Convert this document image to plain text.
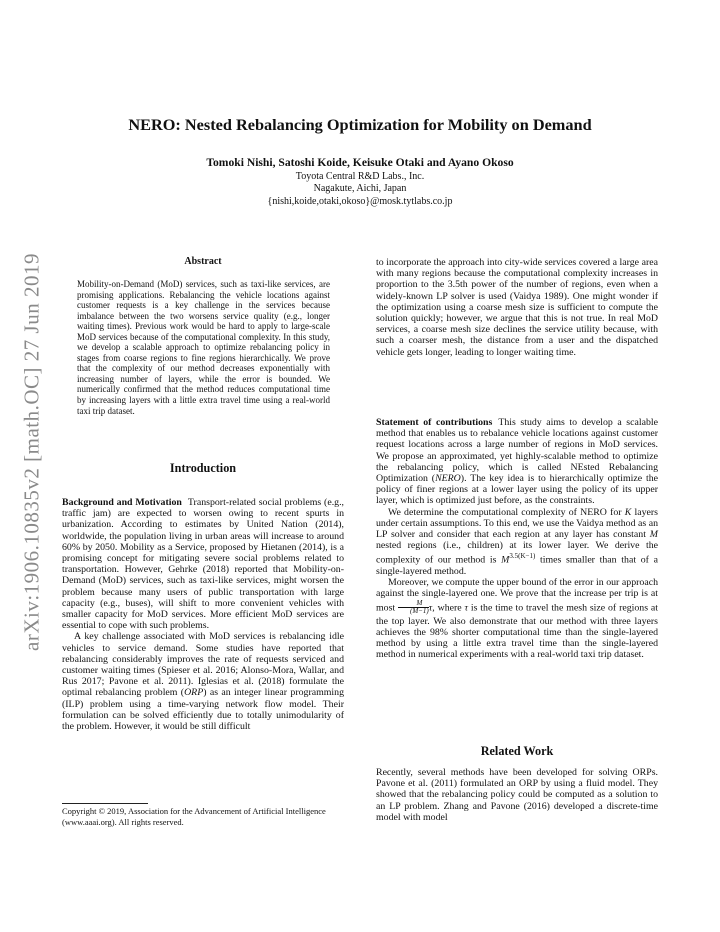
arXiv:1906.10835v2 [math.OC] 27 Jun 2019
NERO: Nested Rebalancing Optimization for Mobility on Demand
Tomoki Nishi, Satoshi Koide, Keisuke Otaki and Ayano Okoso
Toyota Central R&D Labs., Inc.
Nagakute, Aichi, Japan
{nishi,koide,otaki,okoso}@mosk.tytlabs.co.jp
Abstract
Mobility-on-Demand (MoD) services, such as taxi-like services, are promising applications. Rebalancing the vehicle locations against customer requests is a key challenge in the services because imbalance between the two worsens service quality (e.g., longer waiting times). Previous work would be hard to apply to large-scale MoD services because of the computational complexity. In this study, we develop a scalable approach to optimize rebalancing policy in stages from coarse regions to fine regions hierarchically. We prove that the complexity of our method decreases exponentially with increasing number of layers, while the error is bounded. We numerically confirmed that the method reduces computational time by increasing layers with a little extra travel time using a real-world taxi trip dataset.
Introduction

Background and Motivation Transport-related social problems (e.g., traffic jam) are expected to worsen owing to recent spurts in urbanization. According to estimates by United Nation (2014), worldwide, the population living in urban areas will increase to around 60% by 2050. Mobility as a Service, proposed by Hietanen (2014), is a promising concept for mitigating severe social problems related to transportation. However, Gehrke (2018) reported that Mobility-on-Demand (MoD) services, such as taxi-like services, might worsen the problem because many users of public transportation with large capacity (e.g., buses), will shift to more convenient vehicles with smaller capacity for MoD services. More efficient MoD services are essential to cope with such problems.

A key challenge associated with MoD services is rebalancing idle vehicles to service demand. Some studies have reported that rebalancing considerably improves the rate of requests serviced and customer waiting times (Spieser et al. 2016; Alonso-Mora, Wallar, and Rus 2017; Pavone et al. 2011). Iglesias et al. (2018) formulate the optimal rebalancing problem (ORP) as an integer linear programming (ILP) problem using a time-varying network flow model. Their formulation can be solved efficiently due to totally unimodularity of the problem. However, it would be still difficult

Copyright © 2019, Association for the Advancement of Artificial Intelligence (www.aaai.org). All rights reserved.

to incorporate the approach into city-wide services covered a large area with many regions because the computational complexity increases in proportion to the 3.5th power of the number of regions, even when a widely-known LP solver is used (Vaidya 1989). One might wonder if the optimization using a coarse mesh size is sufficient to compute the solution quickly; however, we argue that this is not true. In real MoD services, a coarse mesh size declines the service utility because, with such a coarser mesh, the distance from a user and the dispatched vehicle gets longer, leading to longer waiting time.

Statement of contributions This study aims to develop a scalable method that enables us to rebalance vehicle locations against customer request locations across a large number of regions in MoD services. We propose an approximated, yet highly-scalable method to optimize the rebalancing policy, which is called NEsted Rebalancing Optimization (NERO). The key idea is to hierarchically optimize the policy of finer regions at a lower layer using the policy of its upper layer, which is optimized just before, as the constraints.

We determine the computational complexity of NERO for K layers under certain assumptions. To this end, we use the Vaidya method as an LP solver and consider that each region at any layer has constant M nested regions (i.e., children) at its lower layer. We derive the complexity of our method is $M^{3.5(K-1)}$ times smaller than that of a single-layered method.

Moreover, we compute the upper bound of the error in our approach against the single-layered one. We prove that the increase per trip is at most $\frac{M}{(M-1)} \tau$, where τ is the time to travel the mesh size of regions at the top layer. We also demonstrate that our method with three layers achieves the 98% shorter computational time than the single-layered method by using a little extra travel time than the single-layered method in numerical experiments with a real-world taxi trip dataset.

Related Work

Recently, several methods have been developed for solving ORPs. Pavone et al. (2011) formulated an ORP by using a fluid model. They showed that the rebalancing policy could be computed as a solution to an LP problem. Zhang and Pavone (2016) developed a discrete-time model with model
